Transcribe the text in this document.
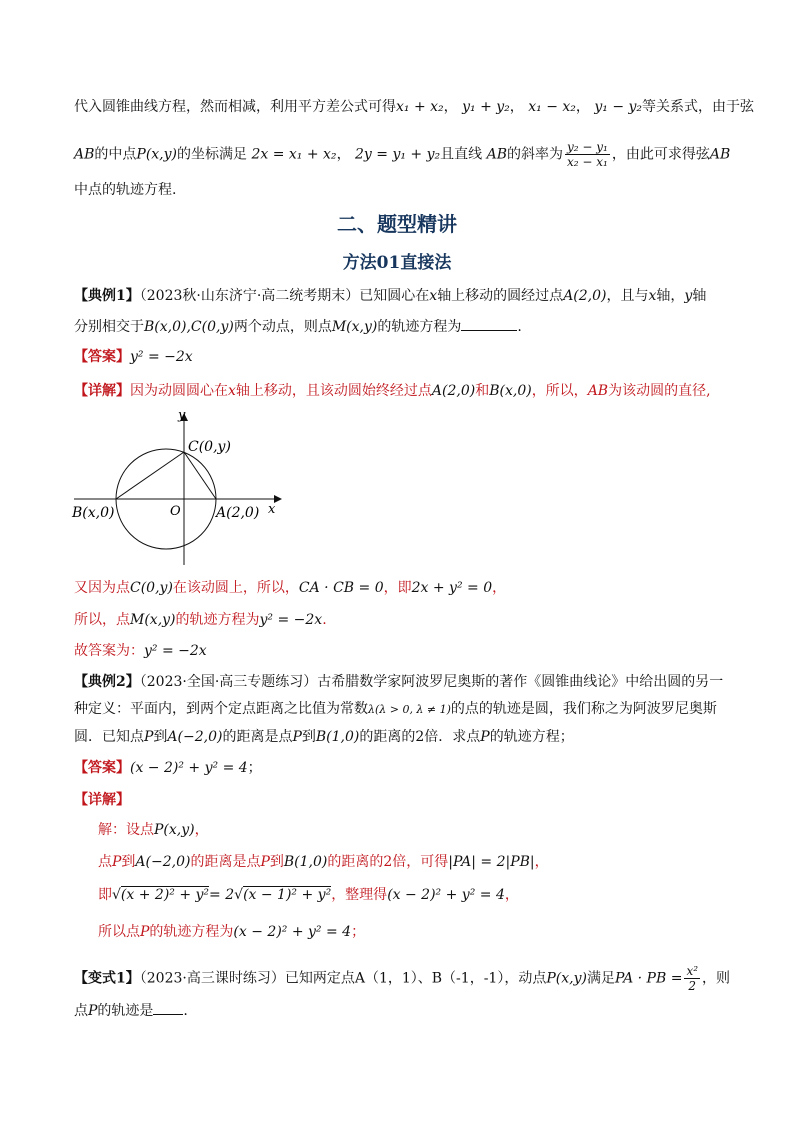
代入圆锥曲线方程，然而相减，利用平方差公式可得x₁ + x₂， y₁ + y₂， x₁ − x₂， y₁ − y₂等关系式，由于弦
AB的中点P(x,y)的坐标满足 2x = x₁ + x₂， 2y = y₁ + y₂且直线 AB的斜率为 $\frac{\text{y₂ − y₁}}{\text{x₂ − x₁}}$ ，由此可求得弦AB
中点的轨迹方程.
二、题型精讲
方法01直接法
【典例1】（2023秋·山东济宁·高二统考期末）已知圆心在x轴上移动的圆经过点A(2,0)，且与x轴，y轴
分别相交于B(x,0),C(0,y)两个动点，则点M(x,y)的轨迹方程为	.
【答案】y² = −2x
【详解】因为动圆圆心在x轴上移动，且该动圆始终经过点A(2,0)和B(x,0)，所以，AB为该动圆的直径,
y
x
O
C(0,y)
B(x,0)	A(2,0)
又因为点C(0,y)在该动圆上，所以，CA · CB = 0，即2x + y² = 0，
所以，点M(x,y)的轨迹方程为y² = −2x.
故答案为：y² = −2x
【典例2】（2023·全国·高三专题练习）古希腊数学家阿波罗尼奥斯的著作《圆锥曲线论》中给出圆的另一
种定义：平面内，到两个定点距离之比值为常数λ(λ > 0, λ ≠ 1)的点的轨迹是圆，我们称之为阿波罗尼奥斯
圆．已知点P到A(−2,0)的距离是点P到B(1,0)的距离的2倍．求点P的轨迹方程；
【答案】(x − 2)² + y² = 4；
【详解】
解：设点P(x,y)，
点P到A(−2,0)的距离是点P到B(1,0)的距离的2倍，可得|PA| = 2|PB|，
即√(x + 2)² + y²= 2√(x − 1)² + y²，整理得(x − 2)² + y² = 4，
所以点P的轨迹方程为(x − 2)² + y² = 4；
【变式1】（2023·高三课时练习）已知两定点A（1，1）、B（-1，-1），动点P(x,y)满足PA · PB = $\frac{\text{x²}}{2}$ ，则
点P的轨迹是 .
